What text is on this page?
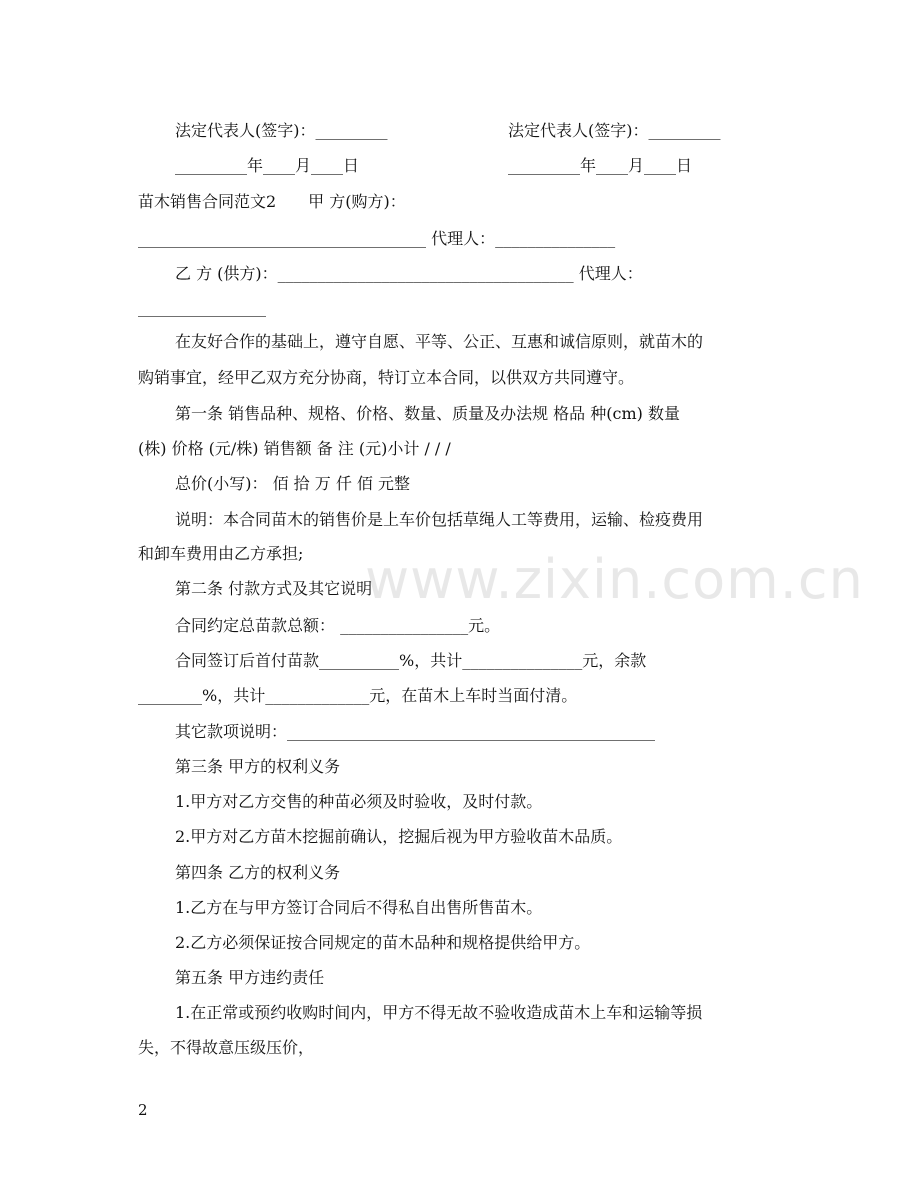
法定代表人(签字)：_________	法定代表人(签字)：_________
_________年____月____日	_________年____月____日
苗木销售合同范文2　　甲 方(购方)：
____________________________________ 代理人：_______________
乙 方 (供方)：_____________________________________ 代理人：
________________
在友好合作的基础上，遵守自愿、平等、公正、互惠和诚信原则，就苗木的
购销事宜，经甲乙双方充分协商，特订立本合同，以供双方共同遵守。
第一条 销售品种、规格、价格、数量、质量及办法规 格品 种(cm) 数量
(株) 价格 (元/株) 销售额 备 注 (元)小计 / / /
总价(小写)： 佰 拾 万 仟 佰 元整
说明：本合同苗木的销售价是上车价包括草绳人工等费用，运输、检疫费用
和卸车费用由乙方承担;
第二条 付款方式及其它说明
合同约定总苗款总额： ________________元。
合同签订后首付苗款__________%，共计_______________元，余款
________%，共计_____________元，在苗木上车时当面付清。
其它款项说明：______________________________________________
第三条 甲方的权利义务
1.甲方对乙方交售的种苗必须及时验收，及时付款。
2.甲方对乙方苗木挖掘前确认，挖掘后视为甲方验收苗木品质。
第四条 乙方的权利义务
1.乙方在与甲方签订合同后不得私自出售所售苗木。
2.乙方必须保证按合同规定的苗木品种和规格提供给甲方。
第五条 甲方违约责任
1.在正常或预约收购时间内，甲方不得无故不验收造成苗木上车和运输等损
失，不得故意压级压价，
www.zixin.com.cn
2
